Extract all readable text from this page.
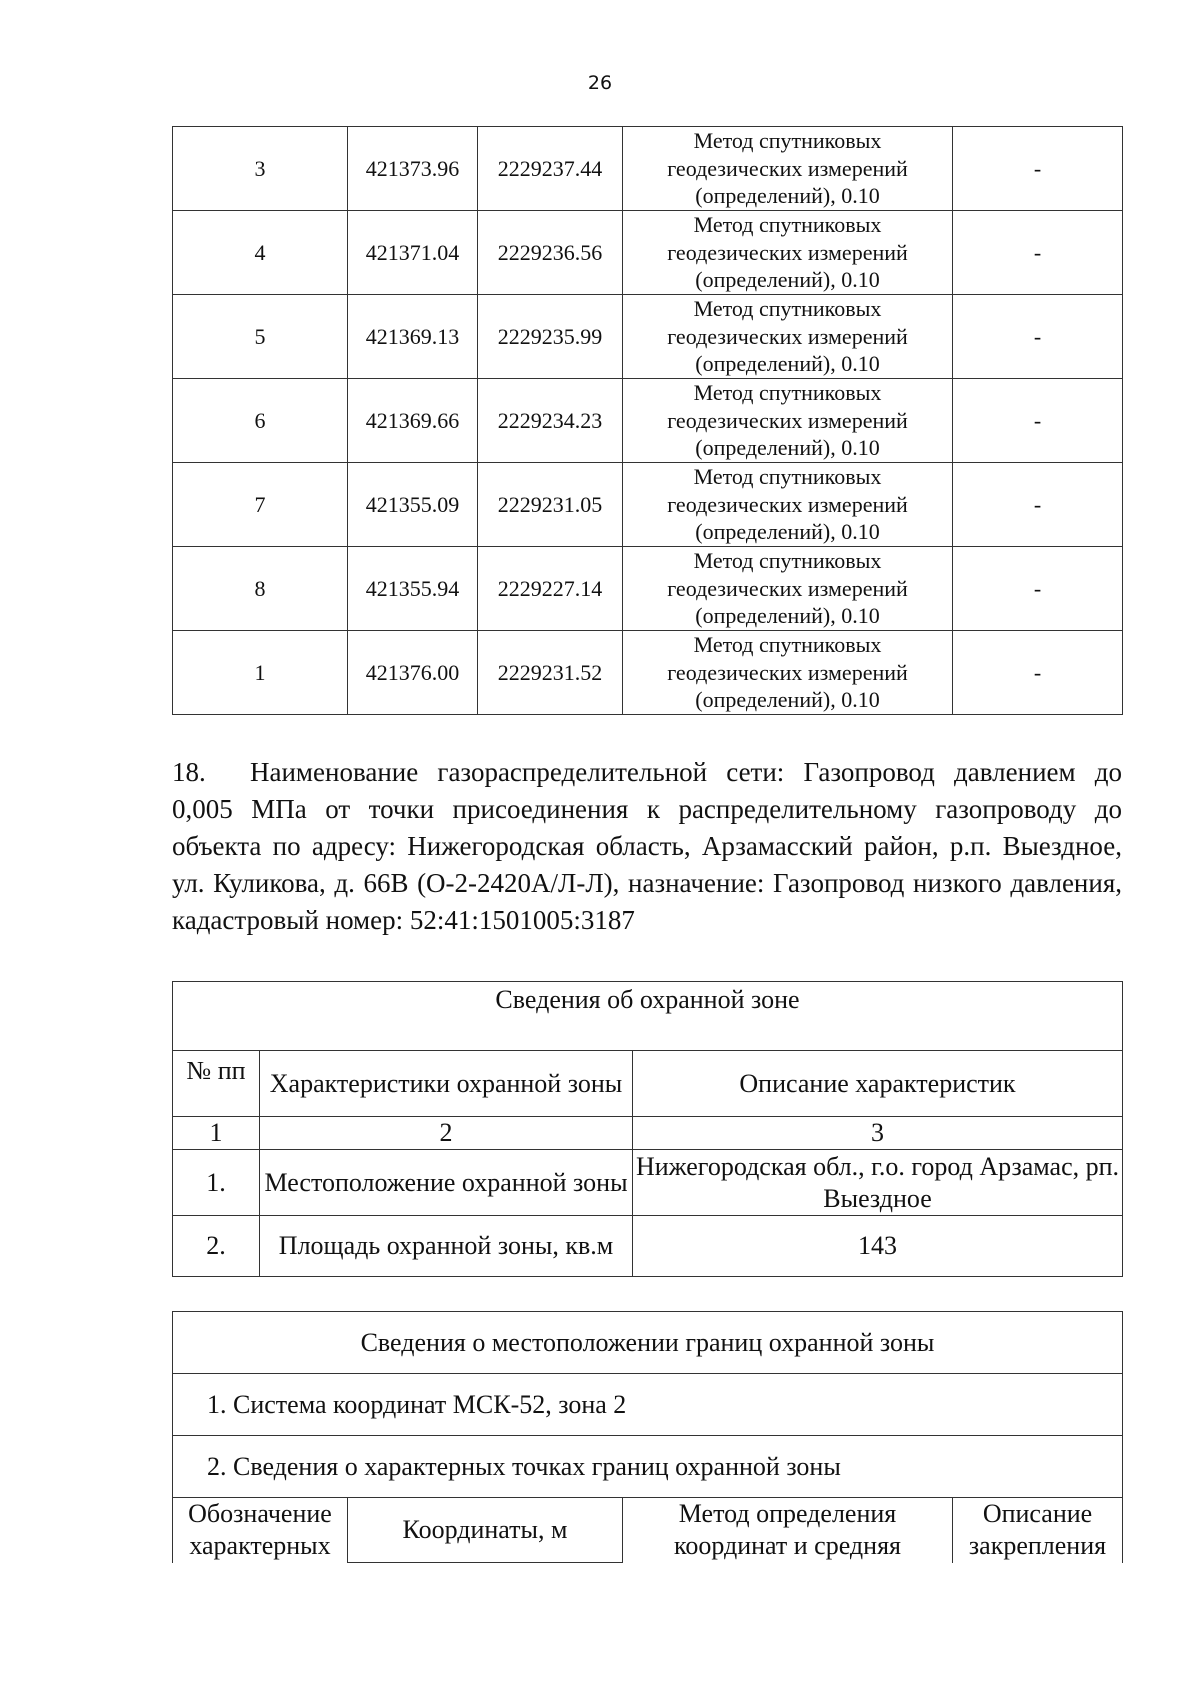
26
3	421373.96	2229237.44	Метод спутниковых
геодезических измерений
(определений), 0.10	-
4	421371.04	2229236.56	Метод спутниковых
геодезических измерений
(определений), 0.10	-
5	421369.13	2229235.99	Метод спутниковых
геодезических измерений
(определений), 0.10	-
6	421369.66	2229234.23	Метод спутниковых
геодезических измерений
(определений), 0.10	-
7	421355.09	2229231.05	Метод спутниковых
геодезических измерений
(определений), 0.10	-
8	421355.94	2229227.14	Метод спутниковых
геодезических измерений
(определений), 0.10	-
1	421376.00	2229231.52	Метод спутниковых
геодезических измерений
(определений), 0.10	-

18. Наименование газораспределительной сети: Газопровод давлением до 0,005 МПа от точки присоединения к распределительному газопроводу до объекта по адресу: Нижегородская область, Арзамасский район, р.п. Выездное, ул. Куликова, д. 66В (О-2-2420А/Л-Л), назначение: Газопровод низкого давления, кадастровый номер: 52:41:1501005:3187

Сведения об охранной зоне		
№ пп	Характеристики охранной зоны	Описание характеристик
1	2	3
1.	Местоположение охранной зоны	Нижегородская обл., г.о. город Арзамас, рп. Выездное
2.	Площадь охранной зоны, кв.м	143
Сведения о местоположении границ охранной зоны
1. Система координат МСК-52, зона 2
2. Сведения о характерных точках границ охранной зоны
Обозначение характерных	Координаты, м	Метод определения координат и средняя	Описание закрепления
